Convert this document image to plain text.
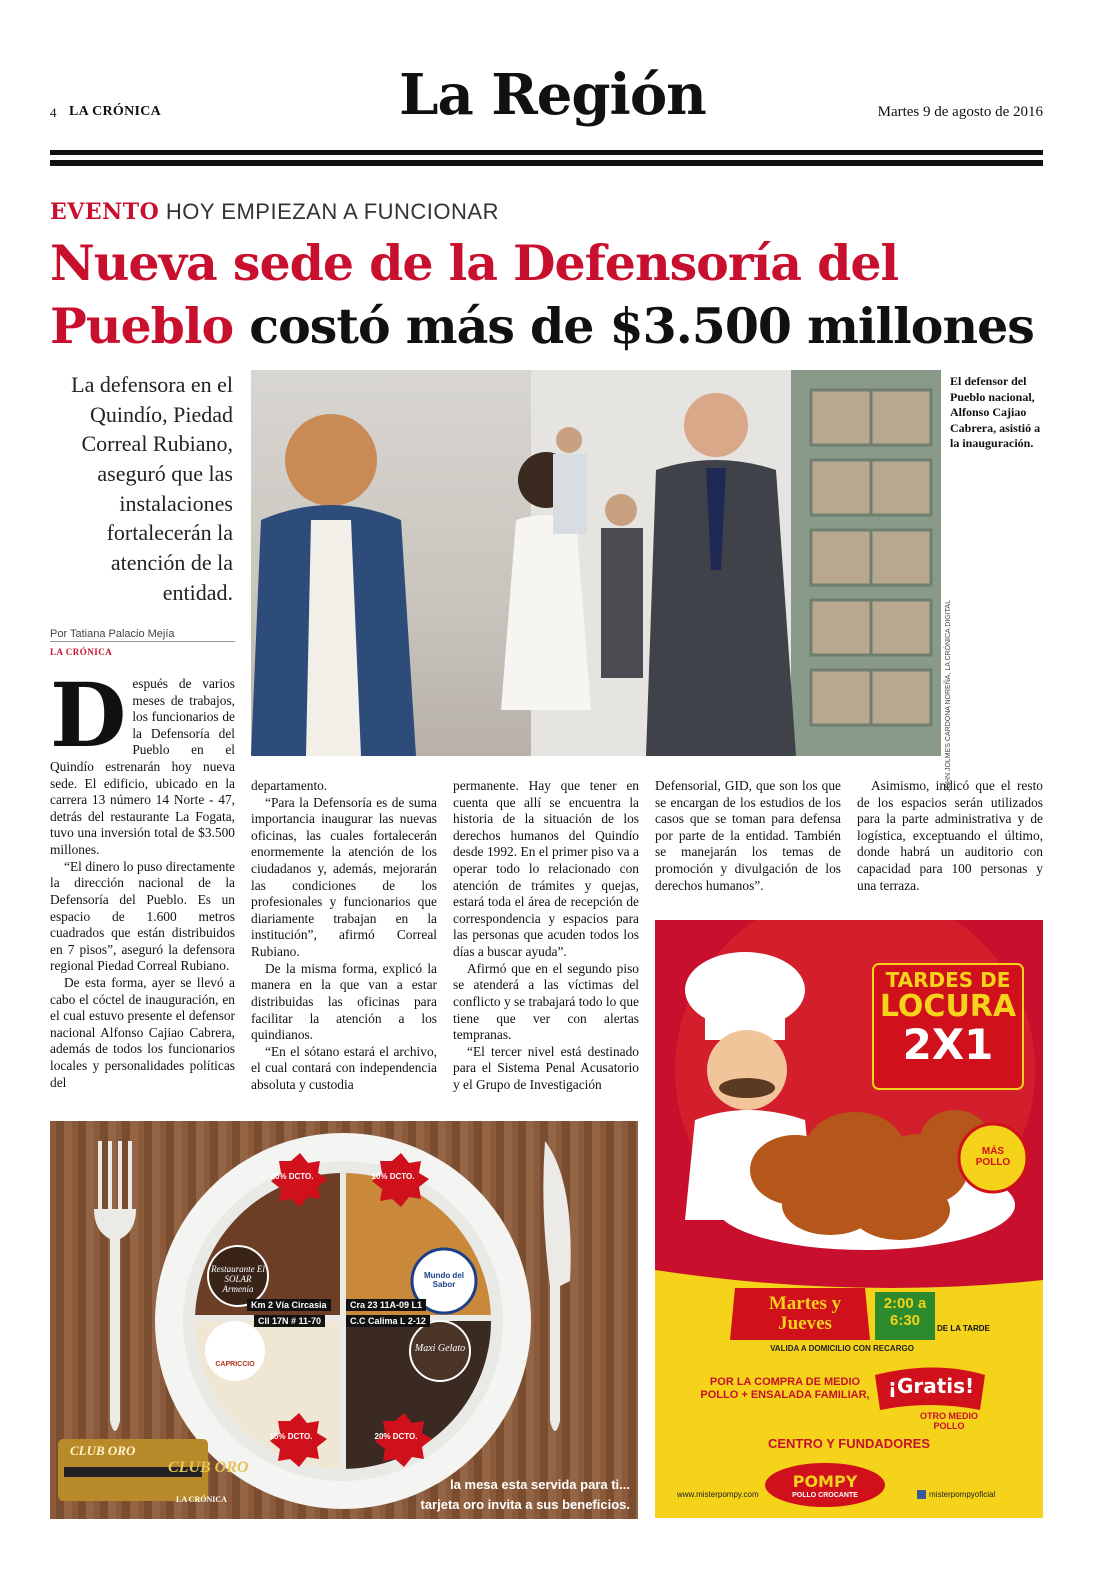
4 LA CRÓNICA	La Región	Martes 9 de agosto de 2016
EVENTO HOY EMPIEZAN A FUNCIONAR
Nueva sede de la Defensoría del Pueblo costó más de $3.500 millones
La defensora en el Quindío, Piedad Correal Rubiano, aseguró que las instalaciones fortalecerán la atención de la entidad.
Por Tatiana Palacio Mejía
LA CRÓNICA	JOHN JOLMES CARDONA NOREÑA, LA CRÓNICA DIGITAL
El defensor del Pueblo nacional, Alfonso Cajiao Cabrera, asistió a la inauguración.
D espués de varios meses de trabajos, los funcionarios de la Defensoría del Pueblo en el Quindío estrenarán hoy nueva sede. El edificio, ubicado en la carrera 13 número 14 Norte - 47, detrás del restaurante La Fogata, tuvo una inversión total de $3.500 millones.

“El dinero lo puso directamente la dirección nacional de la Defensoría del Pueblo. Es un espacio de 1.600 metros cuadrados que están distribuidos en 7 pisos”, aseguró la defensora regional Piedad Correal Rubiano.

De esta forma, ayer se llevó a cabo el cóctel de inauguración, en el cual estuvo presente el defensor nacional Alfonso Cajiao Cabrera, además de todos los funcionarios locales y personalidades políticas del

departamento.

“Para la Defensoría es de suma importancia inaugurar las nuevas oficinas, las cuales fortalecerán enormemente la atención de los ciudadanos y, además, mejorarán las condiciones de los profesionales y funcionarios que diariamente trabajan en la institución”, afirmó Correal Rubiano.

De la misma forma, explicó la manera en la que van a estar distribuidas las oficinas para facilitar la atención a los quindianos.

“En el sótano estará el archivo, el cual contará con independencia absoluta y custodia

permanente. Hay que tener en cuenta que allí se encuentra la historia de la situación de los derechos humanos del Quindío desde 1992. En el primer piso va a operar todo lo relacionado con atención de trámites y quejas, estará toda el área de recepción de correspondencia y espacios para las personas que acuden todos los días a buscar ayuda”.

Afirmó que en el segundo piso se atenderá a las víctimas del conflicto y se trabajará todo lo que tiene que ver con alertas tempranas.

“El tercer nivel está destinado para el Sistema Penal Acusatorio y el Grupo de Investigación

Defensorial, GID, que son los que se encargan de los estudios de los casos que se toman para defensa por parte de la entidad. También se manejarán los temas de promoción y divulgación de los derechos humanos”.

Asimismo, indicó que el resto de los espacios serán utilizados para la parte administrativa y de logística, exceptuando el último, donde habrá un auditorio con capacidad para 100 personas y una terraza.

10% DCTO.	10% DCTO.
15% DCTO.	20% DCTO.
Restaurante El SOLAR Armenia
Mundo del Sabor
CAPRICCIO
Maxi Gelato
Km 2 Vía Circasia	Cra 23 11A-09 L1
Cll 17N # 11-70	C.C Calima L 2-12
CLUB ORO
CLUB ORO
LA CRÓNICA
la mesa esta servida para ti...
tarjeta oro invita a sus beneficios.
TARDES DE
LOCURA
2X1
MÁS POLLO
Martes y Jueves
2:00 a 6:30	DE LA TARDE
VALIDA A DOMICILIO CON RECARGO
POR LA COMPRA DE MEDIO POLLO + ENSALADA FAMILIAR, ¡Gratis!
OTRO MEDIO POLLO
CENTRO Y FUNDADORES
www.misterpompy.com
POMPY
POLLO CROCANTE	misterpompyoficial
